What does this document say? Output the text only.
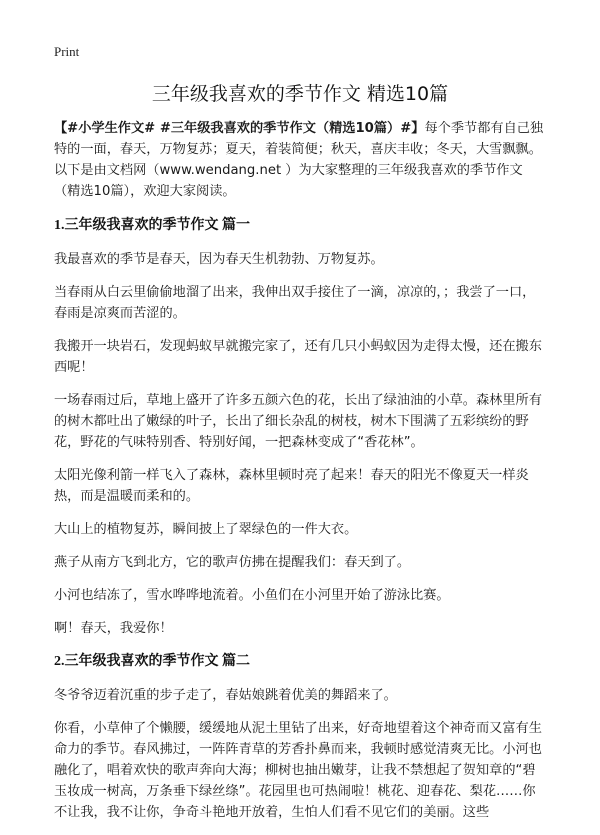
Print
三年级我喜欢的季节作文 精选10篇

【#小学生作文# #三年级我喜欢的季节作文（精选10篇）#】每个季节都有自己独特的一面，春天，万物复苏；夏天，着装简便；秋天，喜庆丰收；冬天，大雪飘飘。以下是由文档网（www.wendang.net ）为大家整理的三年级我喜欢的季节作文（精选10篇），欢迎大家阅读。

1.三年级我喜欢的季节作文 篇一

我最喜欢的季节是春天，因为春天生机勃勃、万物复苏。

当春雨从白云里偷偷地溜了出来，我伸出双手接住了一滴，凉凉的，；我尝了一口，春雨是凉爽而苦涩的。

我搬开一块岩石，发现蚂蚁早就搬完家了，还有几只小蚂蚁因为走得太慢，还在搬东西呢！

一场春雨过后，草地上盛开了许多五颜六色的花，长出了绿油油的小草。森林里所有的树木都吐出了嫩绿的叶子，长出了细长杂乱的树枝，树木下围满了五彩缤纷的野花，野花的气味特别香、特别好闻，一把森林变成了“香花林”。

太阳光像利箭一样飞入了森林，森林里顿时亮了起来！春天的阳光不像夏天一样炎热，而是温暖而柔和的。

大山上的植物复苏，瞬间披上了翠绿色的一件大衣。

燕子从南方飞到北方，它的歌声仿拂在提醒我们：春天到了。

小河也结冻了，雪水哗哗地流着。小鱼们在小河里开始了游泳比赛。

啊！春天，我爱你！

2.三年级我喜欢的季节作文 篇二

冬爷爷迈着沉重的步子走了，春姑娘跳着优美的舞蹈来了。

你看，小草伸了个懒腰，缓缓地从泥土里钻了出来，好奇地望着这个神奇而又富有生命力的季节。春风拂过，一阵阵青草的芳香扑鼻而来，我顿时感觉清爽无比。小河也融化了，唱着欢快的歌声奔向大海；柳树也抽出嫩芽，让我不禁想起了贺知章的“碧玉妆成一树高，万条垂下绿丝绦”。花园里也可热闹啦！桃花、迎春花、梨花……你不让我，我不让你，争奇斗艳地开放着，生怕人们看不见它们的美丽。这些
